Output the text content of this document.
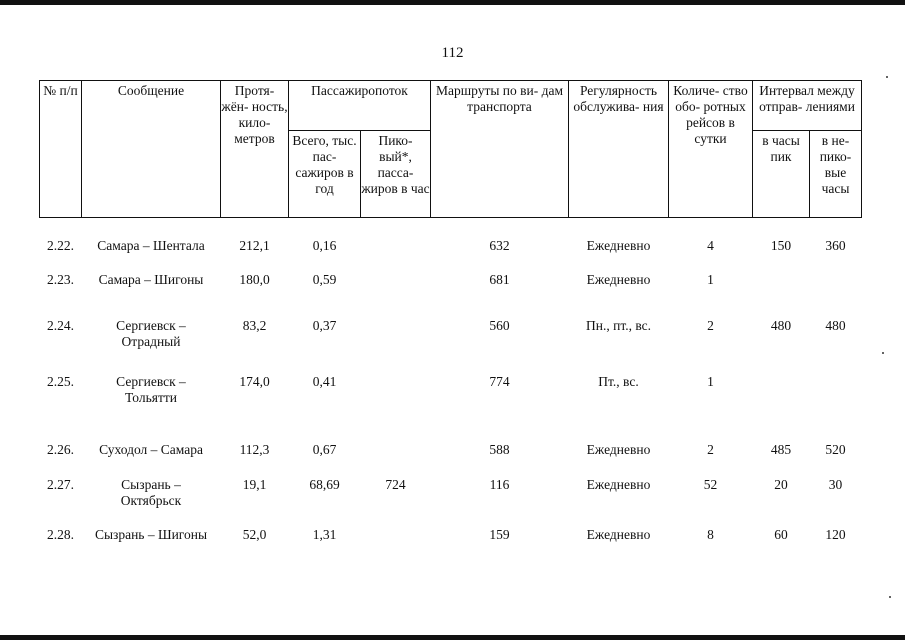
112
№ п/п	Сообщение	Протя- жён- ность, кило- метров	Пассажиропоток		Маршруты по ви- дам транспорта	Регулярность обслужива- ния	Количе- ство обо- ротных рейсов в сутки	Интервал между отправ- лениями	
			Всего, тыс. пас- сажиров в год	Пико- вый*, пасса- жиров в час				в часы пик	в не- пико- вые часы

2.22.	Самара – Шентала	212,1	0,16		632	Ежедневно	4	150	360
2.23.	Самара – Шигоны	180,0	0,59		681	Ежедневно	1		
2.24.	Сергиевск – Отрадный	83,2	0,37		560	Пн., пт., вс.	2	480	480
2.25.	Сергиевск – Тольятти	174,0	0,41		774	Пт., вс.	1		
2.26.	Суходол – Самара	112,3	0,67		588	Ежедневно	2	485	520
2.27.	Сызрань – Октябрьск	19,1	68,69	724	116	Ежедневно	52	20	30
2.28.	Сызрань – Шигоны	52,0	1,31		159	Ежедневно	8	60	120
